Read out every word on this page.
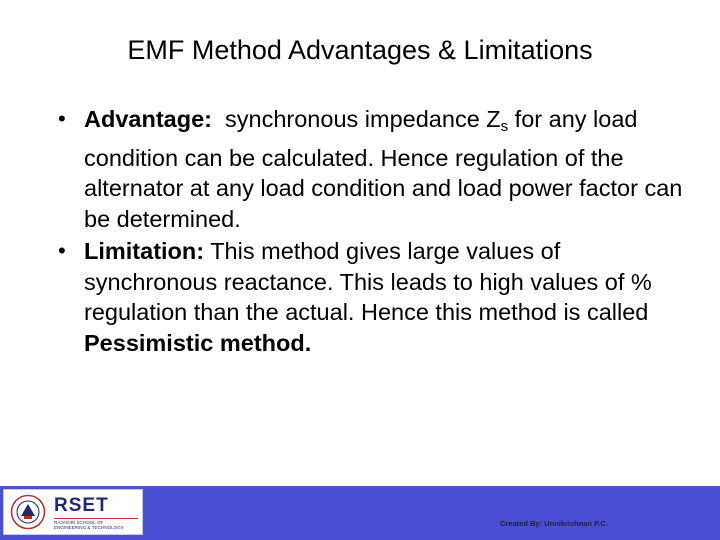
EMF Method Advantages & Limitations
• Advantage:  synchronous impedance $Z_s$ for any load condition can be calculated. Hence regulation of the alternator at any load condition and load power factor can be determined.
• Limitation: This method gives large values of synchronous reactance. This leads to high values of % regulation than the actual. Hence this method is called Pessimistic method.
RSET
RAJAGIRI SCHOOL OF
ENGINEERING & TECHNOLOGY	Created By: Unnikrishnan P.C.
